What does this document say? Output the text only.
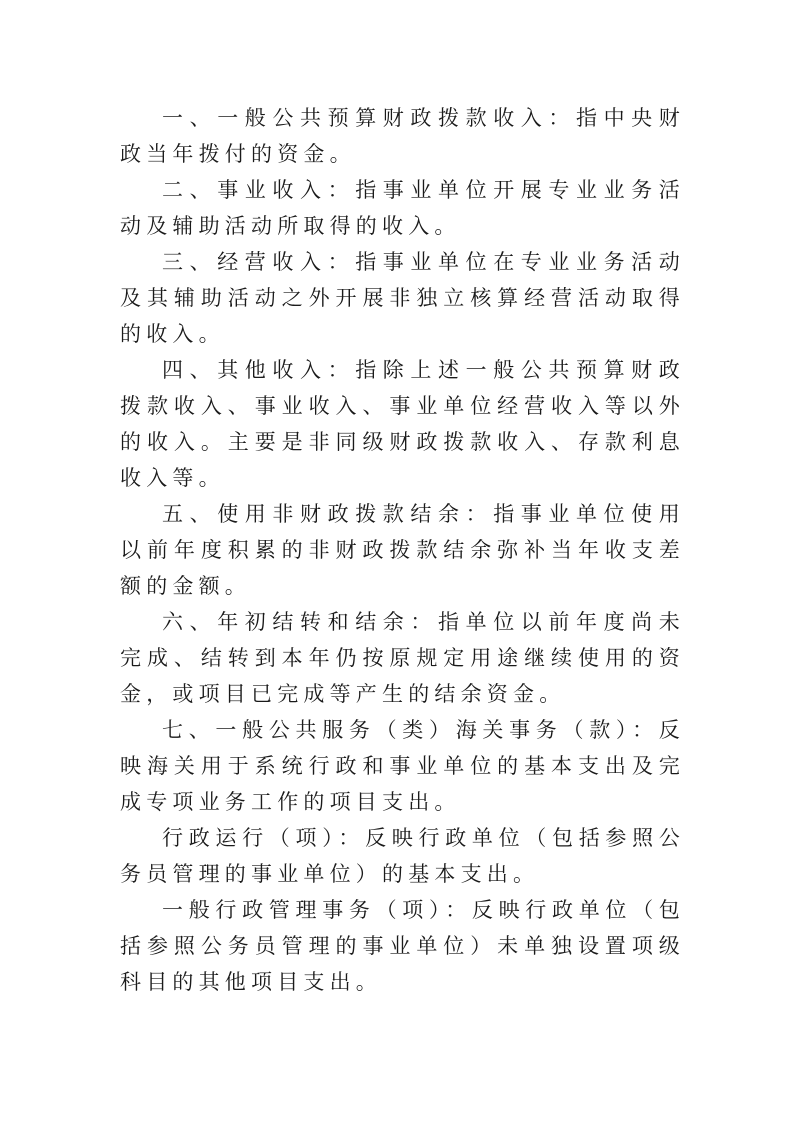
一、一般公共预算财政拨款收入：指中央财政当年拨付的资金。

二、事业收入：指事业单位开展专业业务活动及辅助活动所取得的收入。

三、经营收入：指事业单位在专业业务活动及其辅助活动之外开展非独立核算经营活动取得的收入。

四、其他收入：指除上述一般公共预算财政拨款收入、事业收入、事业单位经营收入等以外的收入。主要是非同级财政拨款收入、存款利息收入等。

五、使用非财政拨款结余：指事业单位使用以前年度积累的非财政拨款结余弥补当年收支差额的金额。

六、年初结转和结余：指单位以前年度尚未完成、结转到本年仍按原规定用途继续使用的资金，或项目已完成等产生的结余资金。

七、一般公共服务（类）海关事务（款）：反映海关用于系统行政和事业单位的基本支出及完成专项业务工作的项目支出。

行政运行（项）：反映行政单位（包括参照公务员管理的事业单位）的基本支出。

一般行政管理事务（项）：反映行政单位（包括参照公务员管理的事业单位）未单独设置项级科目的其他项目支出。
